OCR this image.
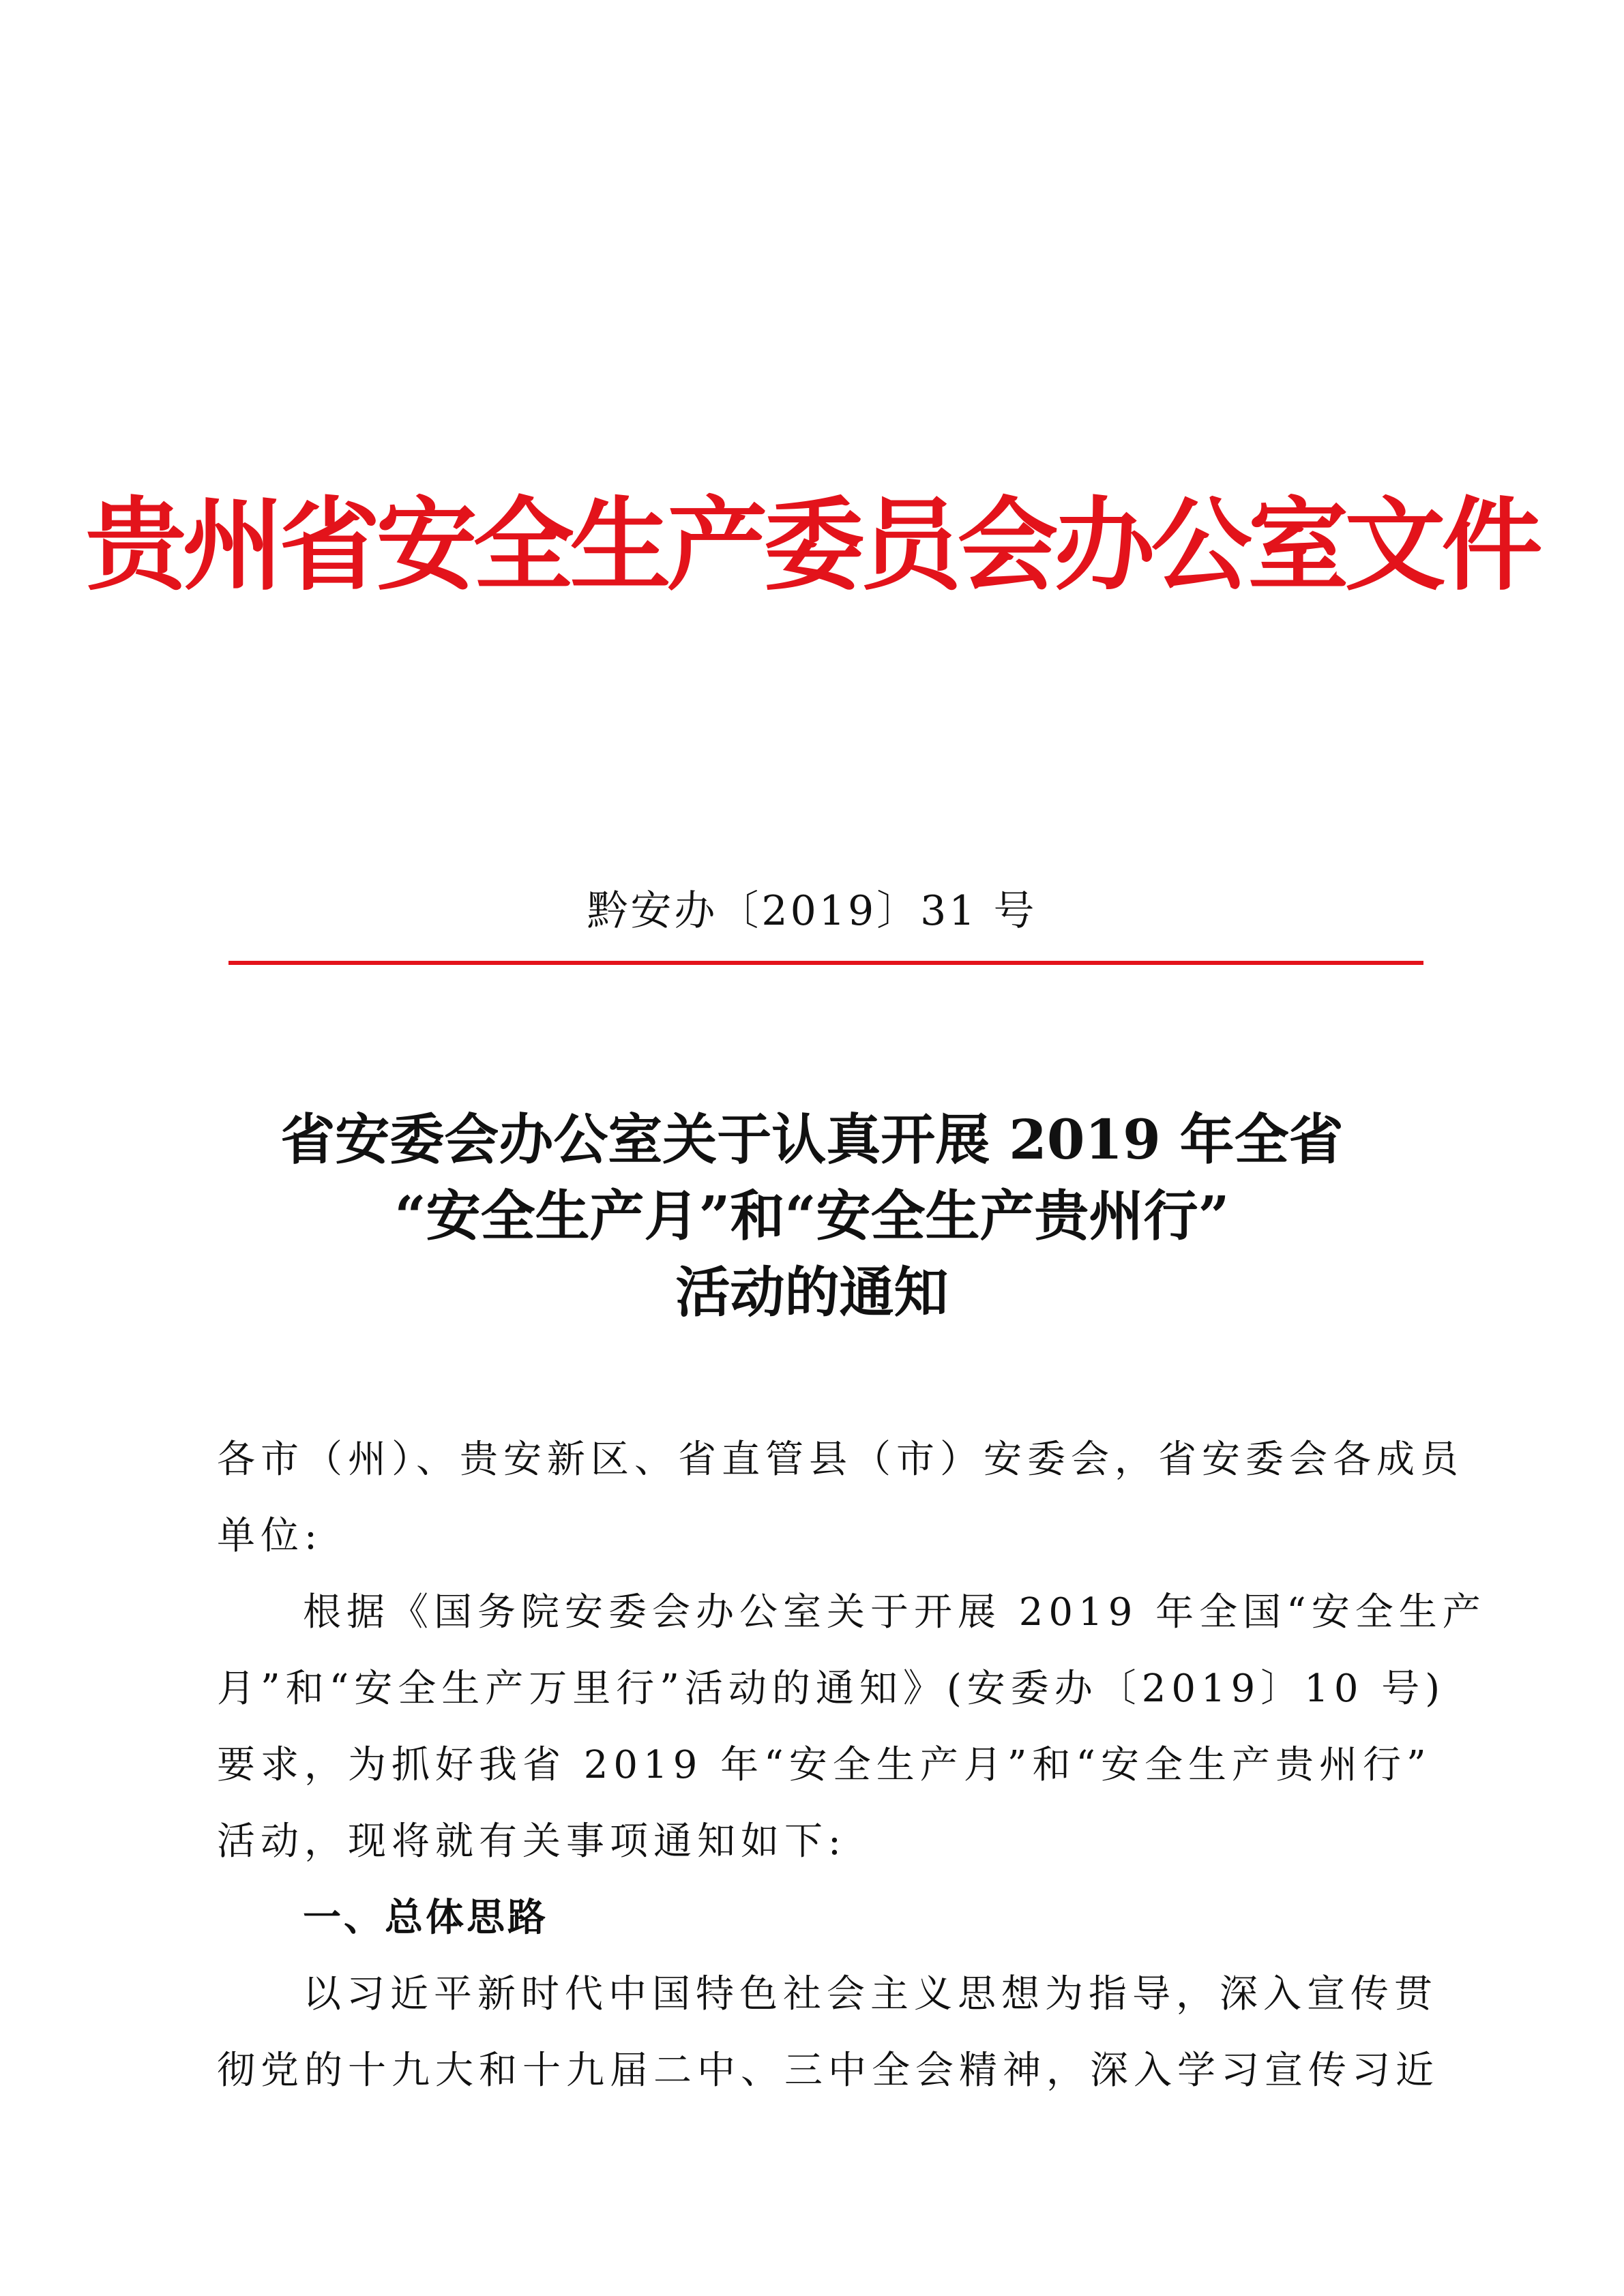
贵州省安全生产委员会办公室文件
黔安办〔2019〕31 号
省安委会办公室关于认真开展 2019 年全省
“安全生产月”和“安全生产贵州行”
活动的通知

各市（州）、贵安新区、省直管县（市）安委会，省安委会各成员

单位:

根据《国务院安委会办公室关于开展 2019 年全国“安全生产

月”和“安全生产万里行”活动的通知》(安委办〔2019〕10 号)

要求，为抓好我省 2019 年“安全生产月”和“安全生产贵州行”

活动，现将就有关事项通知如下:

一、总体思路

以习近平新时代中国特色社会主义思想为指导，深入宣传贯

彻党的十九大和十九届二中、三中全会精神，深入学习宣传习近
